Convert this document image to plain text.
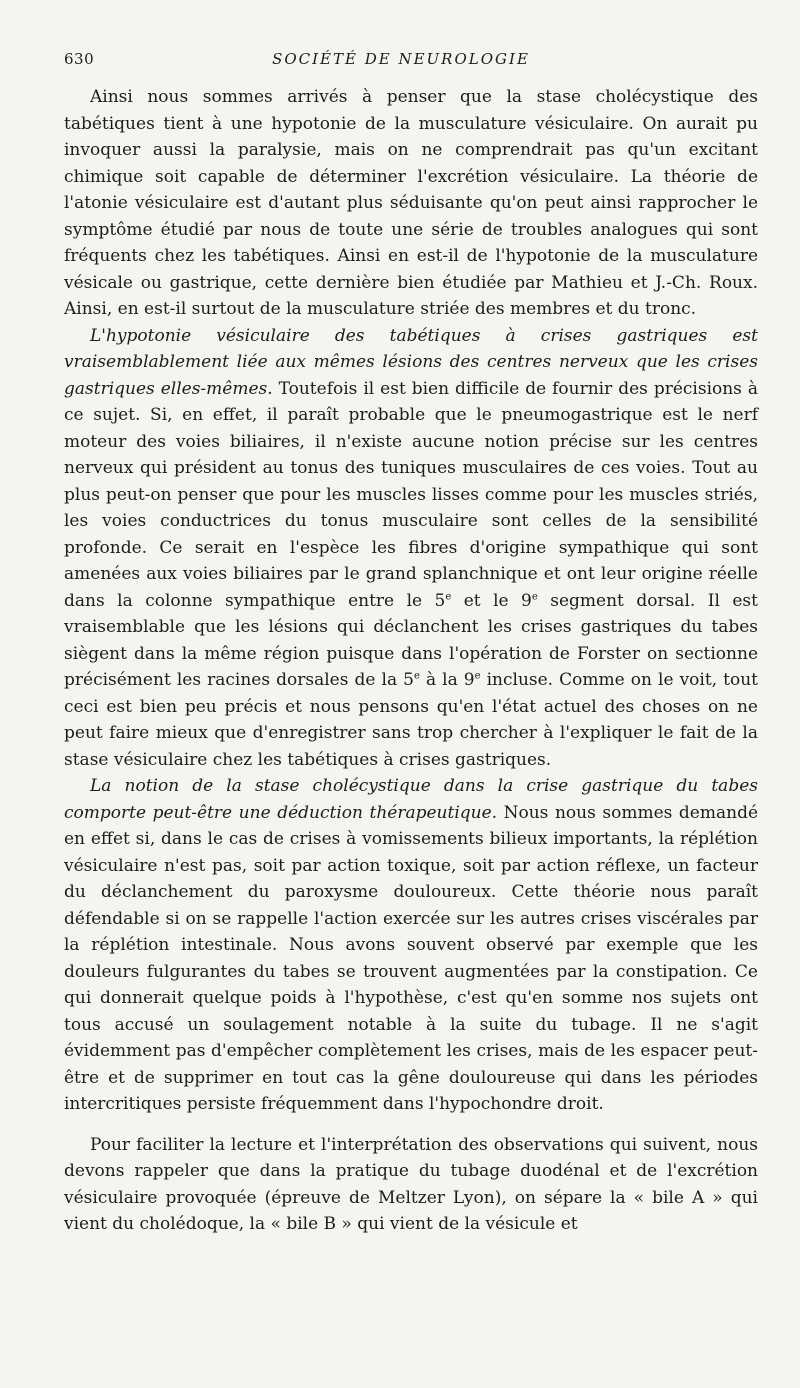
630	SOCIÉTÉ DE NEUROLOGIE

Ainsi nous sommes arrivés à penser que la stase cholécystique des tabétiques tient à une hypotonie de la musculature vésiculaire. On aurait pu invoquer aussi la paralysie, mais on ne comprendrait pas qu'un excitant chimique soit capable de déterminer l'excrétion vésiculaire. La théorie de l'atonie vésiculaire est d'autant plus séduisante qu'on peut ainsi rapprocher le symptôme étudié par nous de toute une série de troubles analogues qui sont fréquents chez les tabétiques. Ainsi en est-il de l'hypotonie de la musculature vésicale ou gastrique, cette dernière bien étudiée par Mathieu et J.-Ch. Roux. Ainsi, en est-il surtout de la musculature striée des membres et du tronc.

L'hypotonie vésiculaire des tabétiques à crises gastriques est vraisemblablement liée aux mêmes lésions des centres nerveux que les crises gastriques elles-mêmes. Toutefois il est bien difficile de fournir des précisions à ce sujet. Si, en effet, il paraît probable que le pneumogastrique est le nerf moteur des voies biliaires, il n'existe aucune notion précise sur les centres nerveux qui président au tonus des tuniques musculaires de ces voies. Tout au plus peut-on penser que pour les muscles lisses comme pour les muscles striés, les voies conductrices du tonus musculaire sont celles de la sensibilité profonde. Ce serait en l'espèce les fibres d'origine sympathique qui sont amenées aux voies biliaires par le grand splanchnique et ont leur origine réelle dans la colonne sympathique entre le 5e et le 9e segment dorsal. Il est vraisemblable que les lésions qui déclanchent les crises gastriques du tabes siègent dans la même région puisque dans l'opération de Forster on sectionne précisément les racines dorsales de la 5e à la 9e incluse. Comme on le voit, tout ceci est bien peu précis et nous pensons qu'en l'état actuel des choses on ne peut faire mieux que d'enregistrer sans trop chercher à l'expliquer le fait de la stase vésiculaire chez les tabétiques à crises gastriques.

La notion de la stase cholécystique dans la crise gastrique du tabes comporte peut-être une déduction thérapeutique. Nous nous sommes demandé en effet si, dans le cas de crises à vomissements bilieux importants, la réplétion vésiculaire n'est pas, soit par action toxique, soit par action réflexe, un facteur du déclanchement du paroxysme douloureux. Cette théorie nous paraît défendable si on se rappelle l'action exercée sur les autres crises viscérales par la réplétion intestinale. Nous avons souvent observé par exemple que les douleurs fulgurantes du tabes se trouvent augmentées par la constipation. Ce qui donnerait quelque poids à l'hypothèse, c'est qu'en somme nos sujets ont tous accusé un soulagement notable à la suite du tubage. Il ne s'agit évidemment pas d'empêcher complètement les crises, mais de les espacer peut-être et de supprimer en tout cas la gêne douloureuse qui dans les périodes intercritiques persiste fréquemment dans l'hypochondre droit.

Pour faciliter la lecture et l'interprétation des observations qui suivent, nous devons rappeler que dans la pratique du tubage duodénal et de l'excrétion vésiculaire provoquée (épreuve de Meltzer Lyon), on sépare la « bile A » qui vient du cholédoque, la « bile B » qui vient de la vésicule et
